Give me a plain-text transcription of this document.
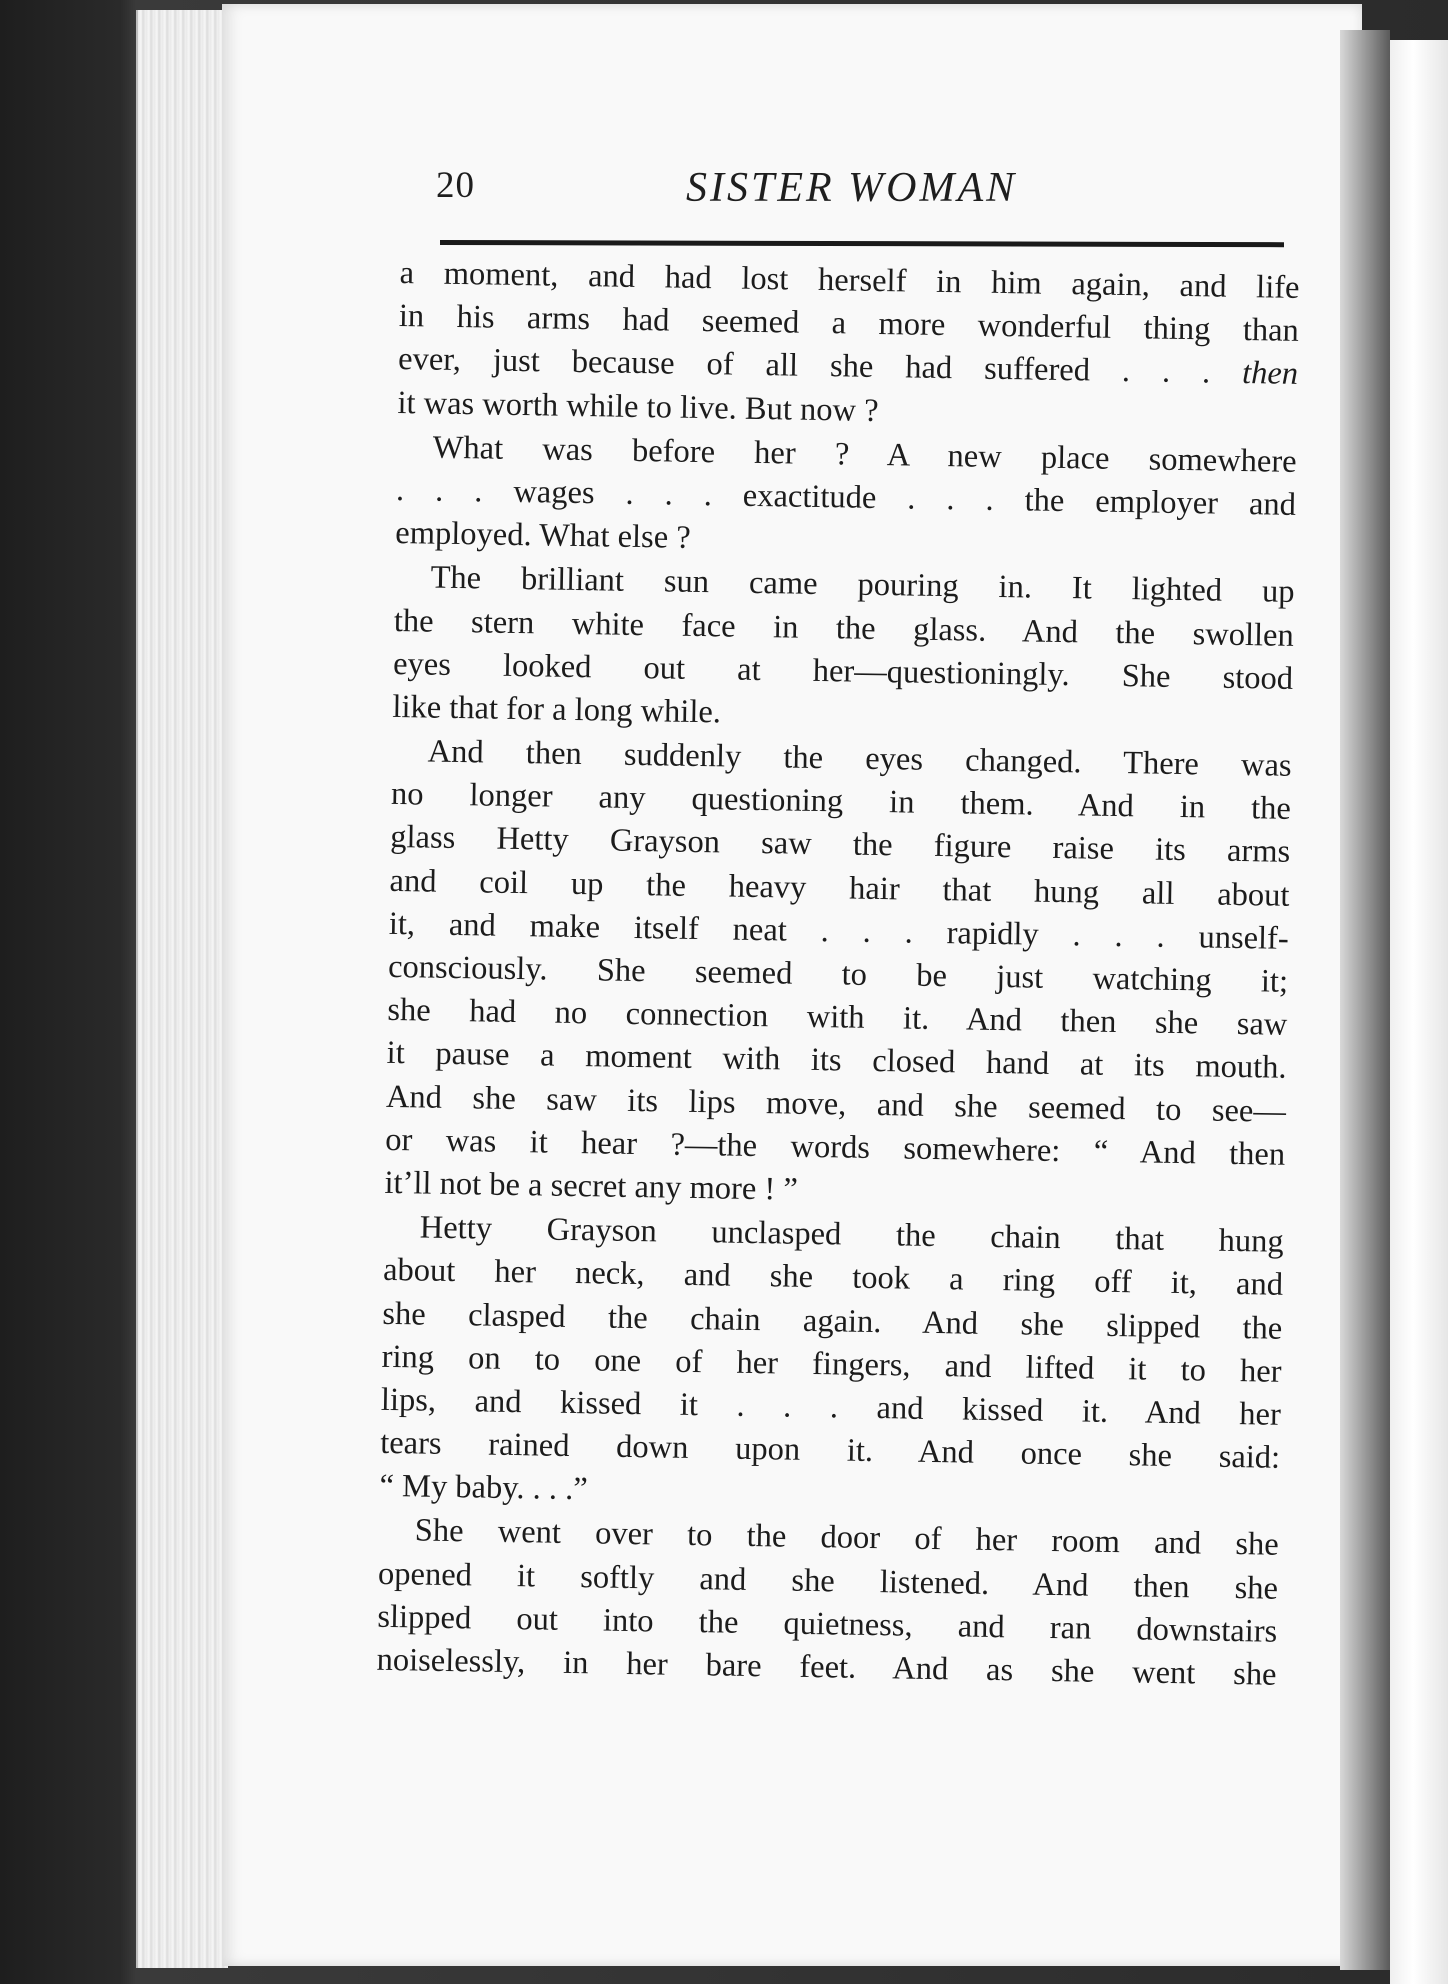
20	SISTER WOMAN
a moment, and had lost herself in him again, and life
in his arms had seemed a more wonderful thing than
ever, just because of all she had suffered . . . then
it was worth while to live. But now ?
What was before her ? A new place somewhere
. . . wages . . . exactitude . . . the employer and
employed. What else ?
The brilliant sun came pouring in. It lighted up
the stern white face in the glass. And the swollen
eyes looked out at her—questioningly. She stood
like that for a long while.
And then suddenly the eyes changed. There was
no longer any questioning in them. And in the
glass Hetty Grayson saw the figure raise its arms
and coil up the heavy hair that hung all about
it, and make itself neat . . . rapidly . . . unself-
consciously. She seemed to be just watching it;
she had no connection with it. And then she saw
it pause a moment with its closed hand at its mouth.
And she saw its lips move, and she seemed to see—
or was it hear ?—the words somewhere: “ And then
it’ll not be a secret any more ! ”
Hetty Grayson unclasped the chain that hung
about her neck, and she took a ring off it, and
she clasped the chain again. And she slipped the
ring on to one of her fingers, and lifted it to her
lips, and kissed it . . . and kissed it. And her
tears rained down upon it. And once she said:
“ My baby. . . .”
She went over to the door of her room and she
opened it softly and she listened. And then she
slipped out into the quietness, and ran downstairs
noiselessly, in her bare feet. And as she went she
